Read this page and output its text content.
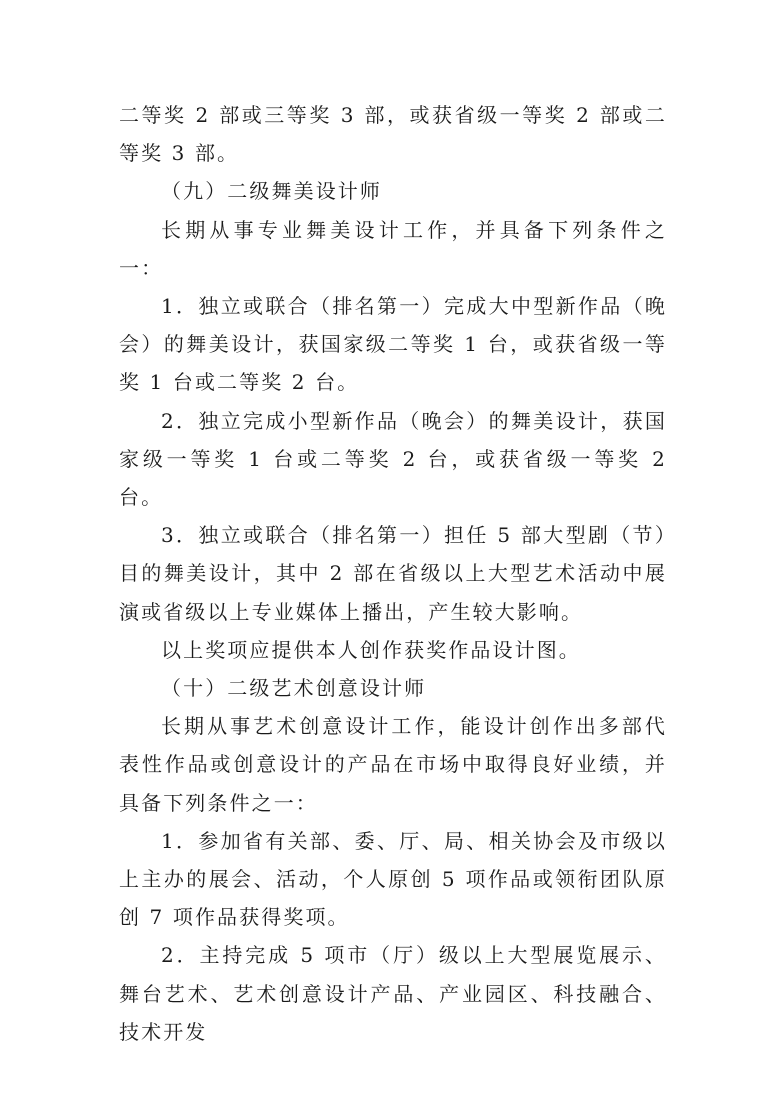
二等奖 2 部或三等奖 3 部，或获省级一等奖 2 部或二等奖 3 部。

（九）二级舞美设计师

长期从事专业舞美设计工作，并具备下列条件之一：

1．独立或联合（排名第一）完成大中型新作品（晚会）的舞美设计，获国家级二等奖 1 台，或获省级一等奖 1 台或二等奖 2 台。

2．独立完成小型新作品（晚会）的舞美设计，获国家级一等奖 1 台或二等奖 2 台，或获省级一等奖 2 台。

3．独立或联合（排名第一）担任 5 部大型剧（节）目的舞美设计，其中 2 部在省级以上大型艺术活动中展演或省级以上专业媒体上播出，产生较大影响。

以上奖项应提供本人创作获奖作品设计图。

（十）二级艺术创意设计师

长期从事艺术创意设计工作，能设计创作出多部代表性作品或创意设计的产品在市场中取得良好业绩，并具备下列条件之一：

1．参加省有关部、委、厅、局、相关协会及市级以上主办的展会、活动，个人原创 5 项作品或领衔团队原创 7 项作品获得奖项。

2．主持完成 5 项市（厅）级以上大型展览展示、舞台艺术、艺术创意设计产品、产业园区、科技融合、技术开发
